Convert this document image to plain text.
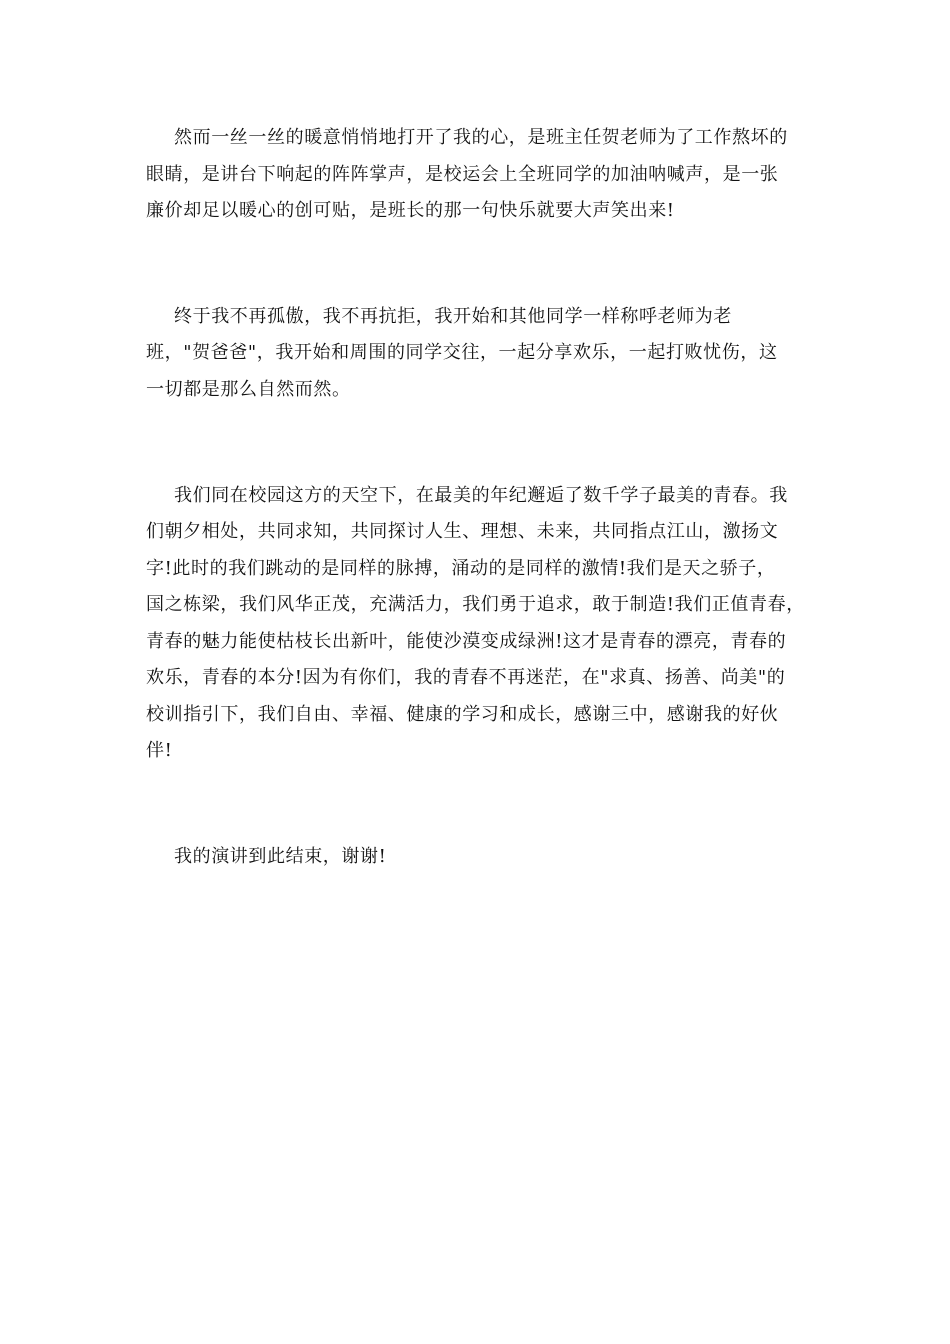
然而一丝一丝的暖意悄悄地打开了我的心，是班主任贺老师为了工作熬坏的
眼睛，是讲台下响起的阵阵掌声，是校运会上全班同学的加油呐喊声，是一张
廉价却足以暖心的创可贴，是班长的那一句快乐就要大声笑出来!
终于我不再孤傲，我不再抗拒，我开始和其他同学一样称呼老师为老
班，"贺爸爸"，我开始和周围的同学交往，一起分享欢乐，一起打败忧伤，这
一切都是那么自然而然。
我们同在校园这方的天空下，在最美的年纪邂逅了数千学子最美的青春。我
们朝夕相处，共同求知，共同探讨人生、理想、未来，共同指点江山，激扬文
字!此时的我们跳动的是同样的脉搏，涌动的是同样的激情!我们是天之骄子，
国之栋梁，我们风华正茂，充满活力，我们勇于追求，敢于制造!我们正值青春，
青春的魅力能使枯枝长出新叶，能使沙漠变成绿洲!这才是青春的漂亮，青春的
欢乐，青春的本分!因为有你们，我的青春不再迷茫，在"求真、扬善、尚美"的
校训指引下，我们自由、幸福、健康的学习和成长，感谢三中，感谢我的好伙
伴!
我的演讲到此结束，谢谢!
